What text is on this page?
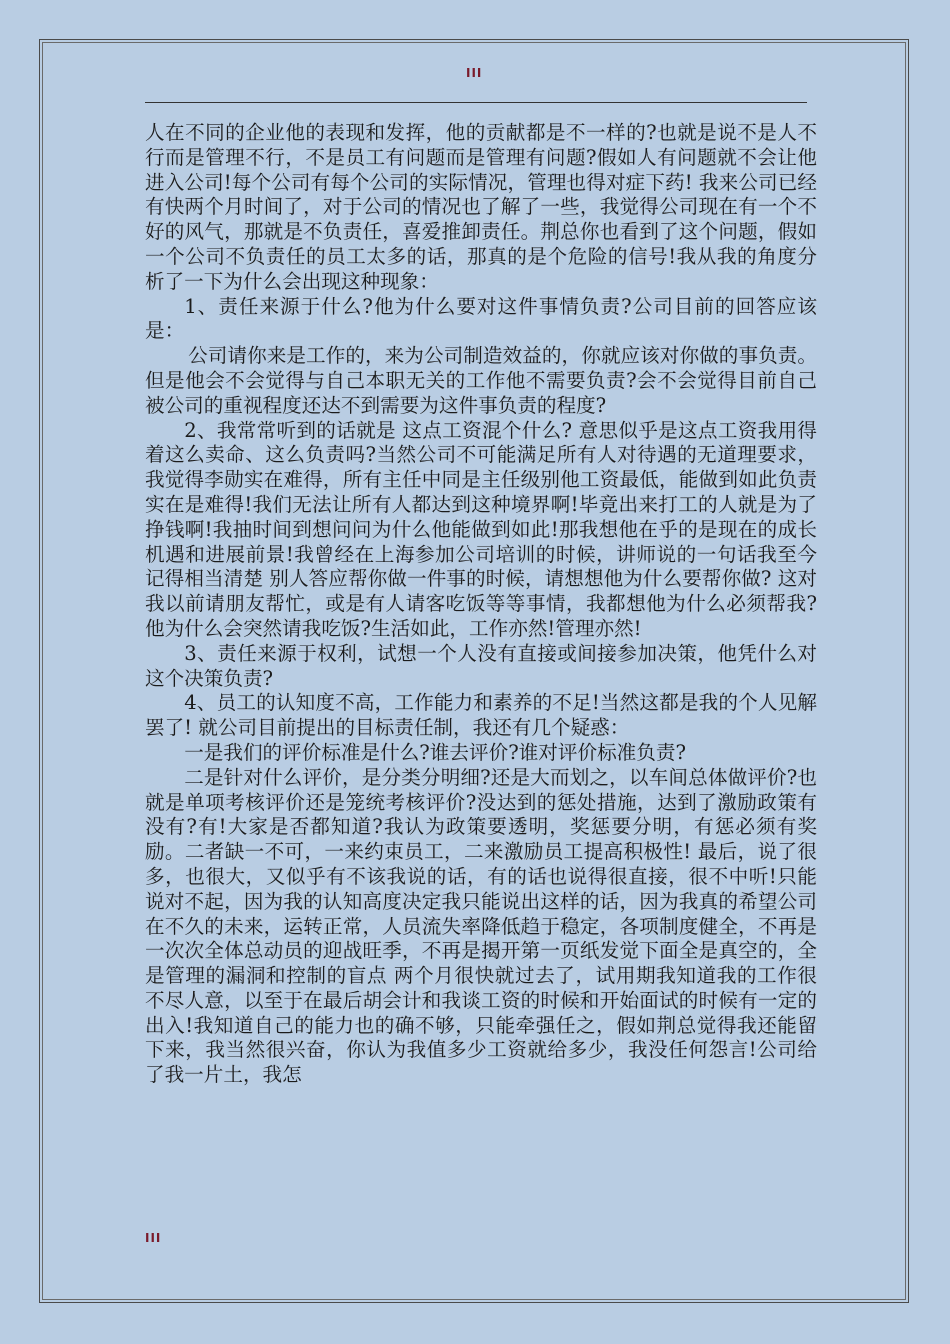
III

人在不同的企业他的表现和发挥，他的贡献都是不一样的?也就是说不是人不行而是管理不行，不是员工有问题而是管理有问题?假如人有问题就不会让他进入公司!每个公司有每个公司的实际情况，管理也得对症下药! 我来公司已经有快两个月时间了，对于公司的情况也了解了一些，我觉得公司现在有一个不好的风气，那就是不负责任，喜爱推卸责任。荆总你也看到了这个问题，假如一个公司不负责任的员工太多的话，那真的是个危险的信号!我从我的角度分析了一下为什么会出现这种现象：

1、责任来源于什么?他为什么要对这件事情负责?公司目前的回答应该是：

公司请你来是工作的，来为公司制造效益的，你就应该对你做的事负责。但是他会不会觉得与自己本职无关的工作他不需要负责?会不会觉得目前自己被公司的重视程度还达不到需要为这件事负责的程度?

2、我常常听到的话就是 这点工资混个什么? 意思似乎是这点工资我用得着这么卖命、这么负责吗?当然公司不可能满足所有人对待遇的无道理要求，我觉得李勋实在难得，所有主任中同是主任级别他工资最低，能做到如此负责实在是难得!我们无法让所有人都达到这种境界啊!毕竟出来打工的人就是为了挣钱啊!我抽时间到想问问为什么他能做到如此!那我想他在乎的是现在的成长机遇和进展前景!我曾经在上海参加公司培训的时候，讲师说的一句话我至今记得相当清楚 别人答应帮你做一件事的时候，请想想他为什么要帮你做? 这对我以前请朋友帮忙，或是有人请客吃饭等等事情，我都想他为什么必须帮我?他为什么会突然请我吃饭?生活如此，工作亦然!管理亦然!

3、责任来源于权利，试想一个人没有直接或间接参加决策，他凭什么对这个决策负责?

4、员工的认知度不高，工作能力和素养的不足!当然这都是我的个人见解罢了! 就公司目前提出的目标责任制，我还有几个疑惑：

一是我们的评价标准是什么?谁去评价?谁对评价标准负责?

二是针对什么评价，是分类分明细?还是大而划之，以车间总体做评价?也就是单项考核评价还是笼统考核评价?没达到的惩处措施，达到了激励政策有没有?有!大家是否都知道?我认为政策要透明，奖惩要分明，有惩必须有奖励。二者缺一不可，一来约束员工，二来激励员工提高积极性! 最后，说了很多，也很大，又似乎有不该我说的话，有的话也说得很直接，很不中听!只能说对不起，因为我的认知高度决定我只能说出这样的话，因为我真的希望公司在不久的未来，运转正常，人员流失率降低趋于稳定，各项制度健全，不再是一次次全体总动员的迎战旺季，不再是揭开第一页纸发觉下面全是真空的，全是管理的漏洞和控制的盲点 两个月很快就过去了，试用期我知道我的工作很不尽人意，以至于在最后胡会计和我谈工资的时候和开始面试的时候有一定的出入!我知道自己的能力也的确不够，只能牵强任之，假如荆总觉得我还能留下来，我当然很兴奋，你认为我值多少工资就给多少，我没任何怨言!公司给了我一片土，我怎

III
